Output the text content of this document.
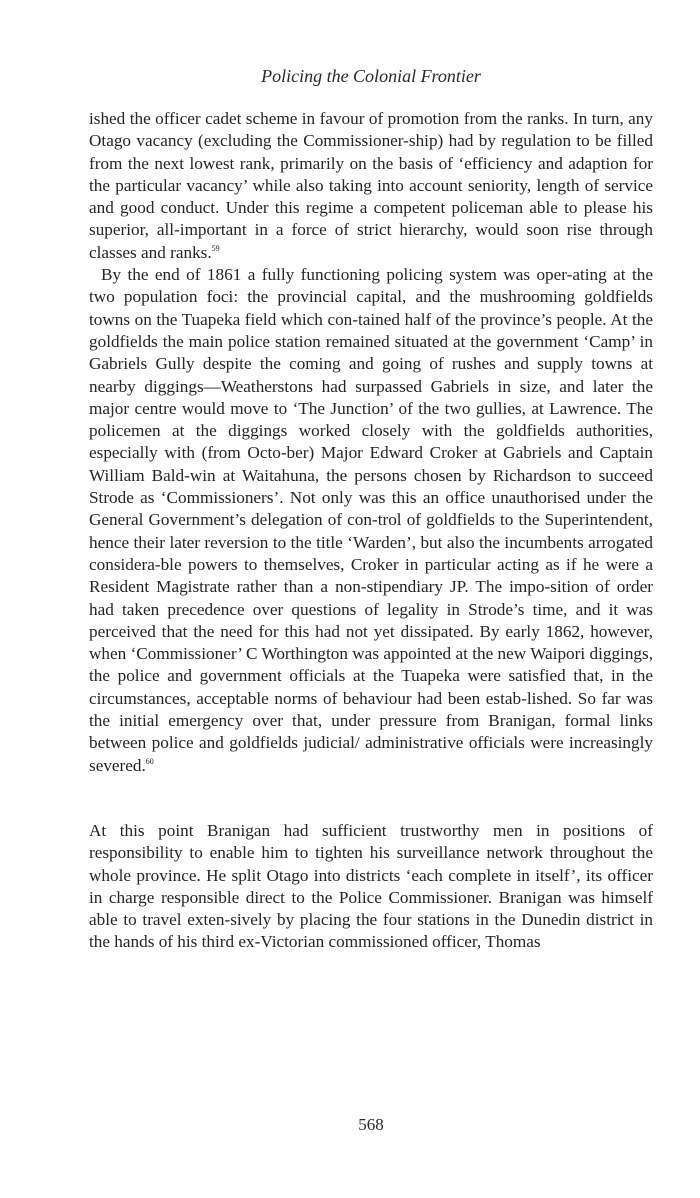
Policing the Colonial Frontier

ished the officer cadet scheme in favour of promotion from the ranks. In turn, any Otago vacancy (excluding the Commissioner-ship) had by regulation to be filled from the next lowest rank, primarily on the basis of ‘efficiency and adaption for the particular vacancy’ while also taking into account seniority, length of service and good conduct. Under this regime a competent policeman able to please his superior, all-important in a force of strict hierarchy, would soon rise through classes and ranks.$^{59}$

By the end of 1861 a fully functioning policing system was oper-ating at the two population foci: the provincial capital, and the mushrooming goldfields towns on the Tuapeka field which con-tained half of the province’s people. At the goldfields the main police station remained situated at the government ‘Camp’ in Gabriels Gully despite the coming and going of rushes and supply towns at nearby diggings—Weatherstons had surpassed Gabriels in size, and later the major centre would move to ‘The Junction’ of the two gullies, at Lawrence. The policemen at the diggings worked closely with the goldfields authorities, especially with (from Octo-ber) Major Edward Croker at Gabriels and Captain William Bald-win at Waitahuna, the persons chosen by Richardson to succeed Strode as ‘Commissioners’. Not only was this an office unauthorised under the General Government’s delegation of con-trol of goldfields to the Superintendent, hence their later reversion to the title ‘Warden’, but also the incumbents arrogated considera-ble powers to themselves, Croker in particular acting as if he were a Resident Magistrate rather than a non-stipendiary JP. The impo-sition of order had taken precedence over questions of legality in Strode’s time, and it was perceived that the need for this had not yet dissipated. By early 1862, however, when ‘Commissioner’ C Worthington was appointed at the new Waipori diggings, the police and government officials at the Tuapeka were satisfied that, in the circumstances, acceptable norms of behaviour had been estab-lished. So far was the initial emergency over that, under pressure from Branigan, formal links between police and goldfields judicial/ administrative officials were increasingly severed.$^{60}$

At this point Branigan had sufficient trustworthy men in positions of responsibility to enable him to tighten his surveillance network throughout the whole province. He split Otago into districts ‘each complete in itself’, its officer in charge responsible direct to the Police Commissioner. Branigan was himself able to travel exten-sively by placing the four stations in the Dunedin district in the hands of his third ex-Victorian commissioned officer, Thomas

568
